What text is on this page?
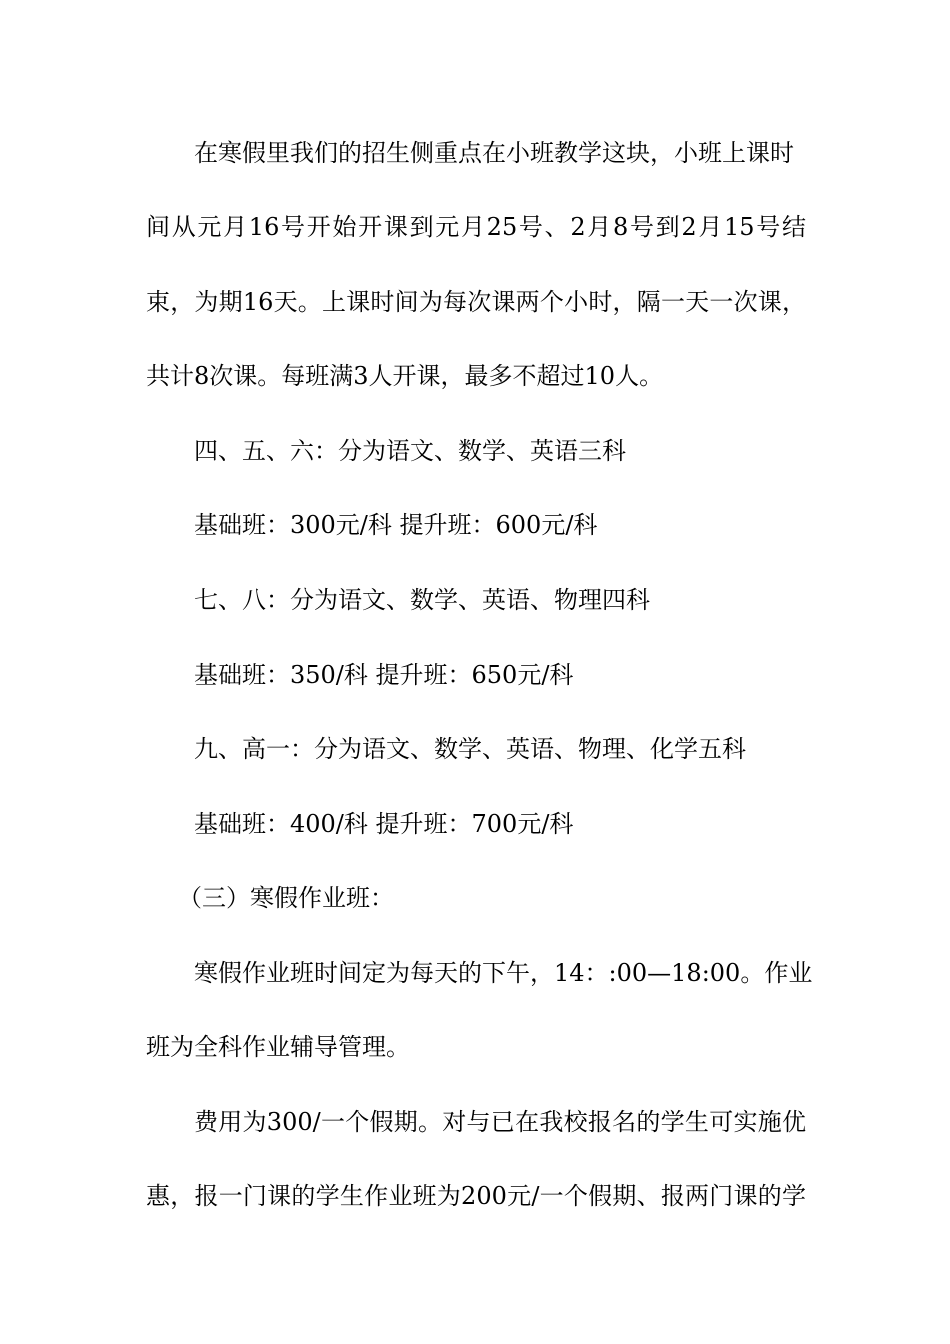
在寒假里我们的招生侧重点在小班教学这块，小班上课时
间从元月16号开始开课到元月25号、2月8号到2月15号结
束，为期16天。上课时间为每次课两个小时，隔一天一次课，
共计8次课。每班满3人开课，最多不超过10人。
四、五、六：分为语文、数学、英语三科
基础班：300元/科 提升班：600元/科
七、八：分为语文、数学、英语、物理四科
基础班：350/科 提升班：650元/科
九、高一：分为语文、数学、英语、物理、化学五科
基础班：400/科 提升班：700元/科
（三）寒假作业班：
寒假作业班时间定为每天的下午，14：:00—18:00。作业
班为全科作业辅导管理。
费用为300/一个假期。对与已在我校报名的学生可实施优
惠，报一门课的学生作业班为200元/一个假期、报两门课的学
